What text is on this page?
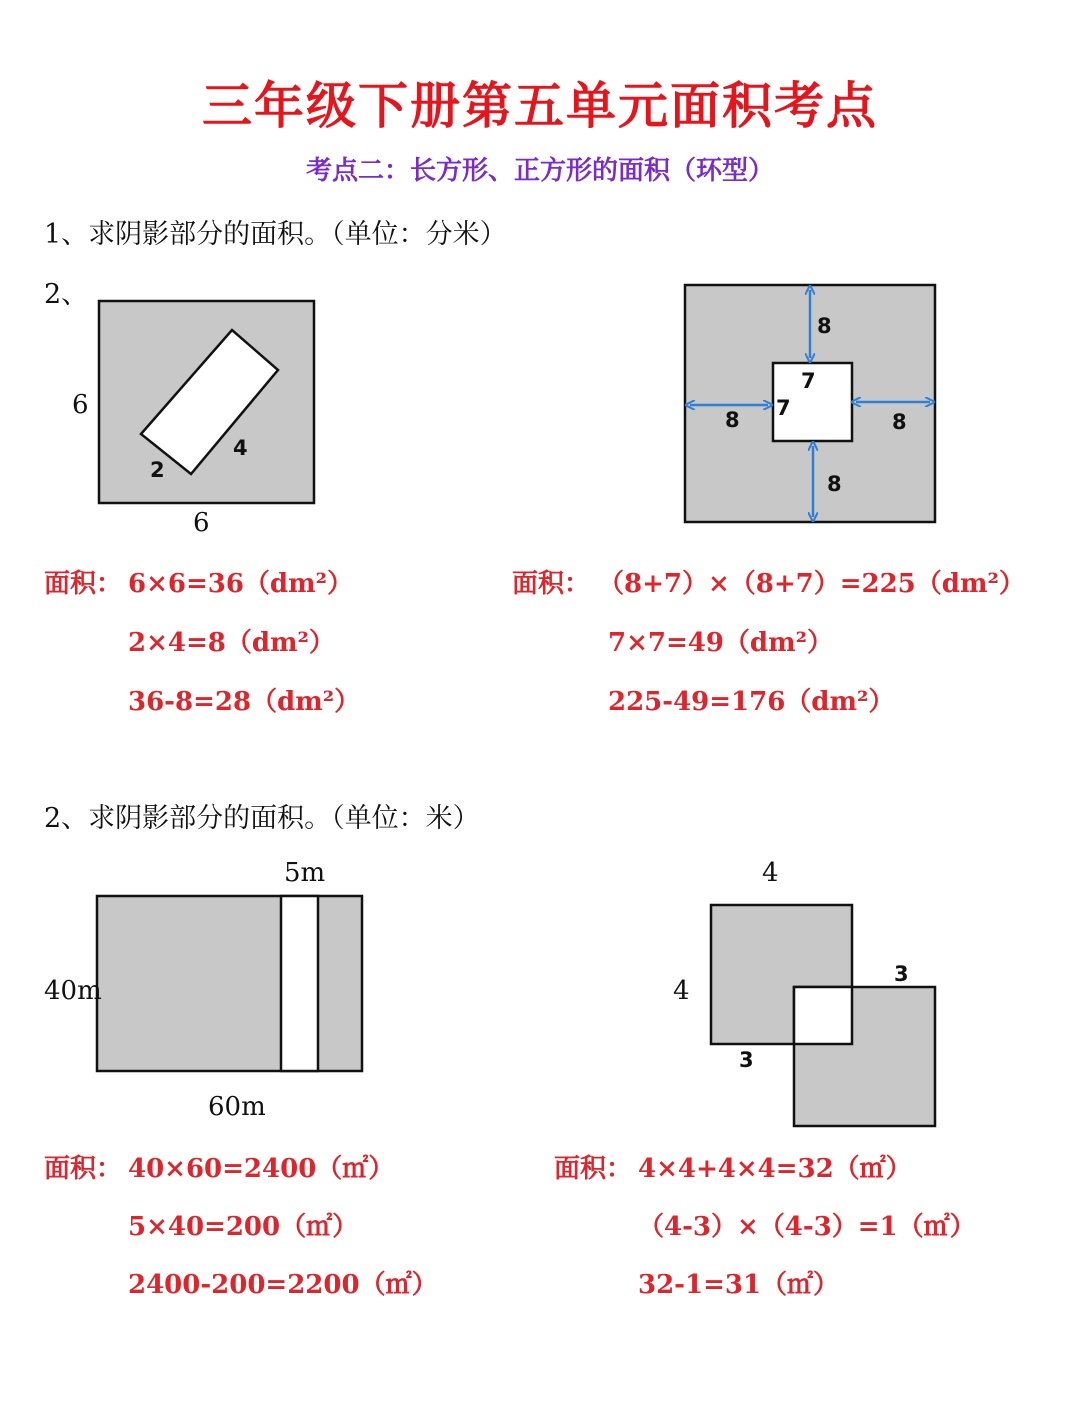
三年级下册第五单元面积考点
考点二：长方形、正方形的面积（环型）
1、求阴影部分的面积。（单位：分米）
2、
6
6
2
4
8
7
7
8	8
8
面积： 6×6=36（dm²）
2×4=8（dm²）
36-8=28（dm²）
面积： （8+7）×（8+7）=225（dm²）
7×7=49（dm²）
225-49=176（dm²）
2、求阴影部分的面积。（单位：米）
5m
40m
60m
4
4
3
3
面积： 40×60=2400（㎡）
5×40=200（㎡）
2400-200=2200（㎡）
面积： 4×4+4×4=32（㎡）
（4-3）×（4-3）=1（㎡）
32-1=31（㎡）
